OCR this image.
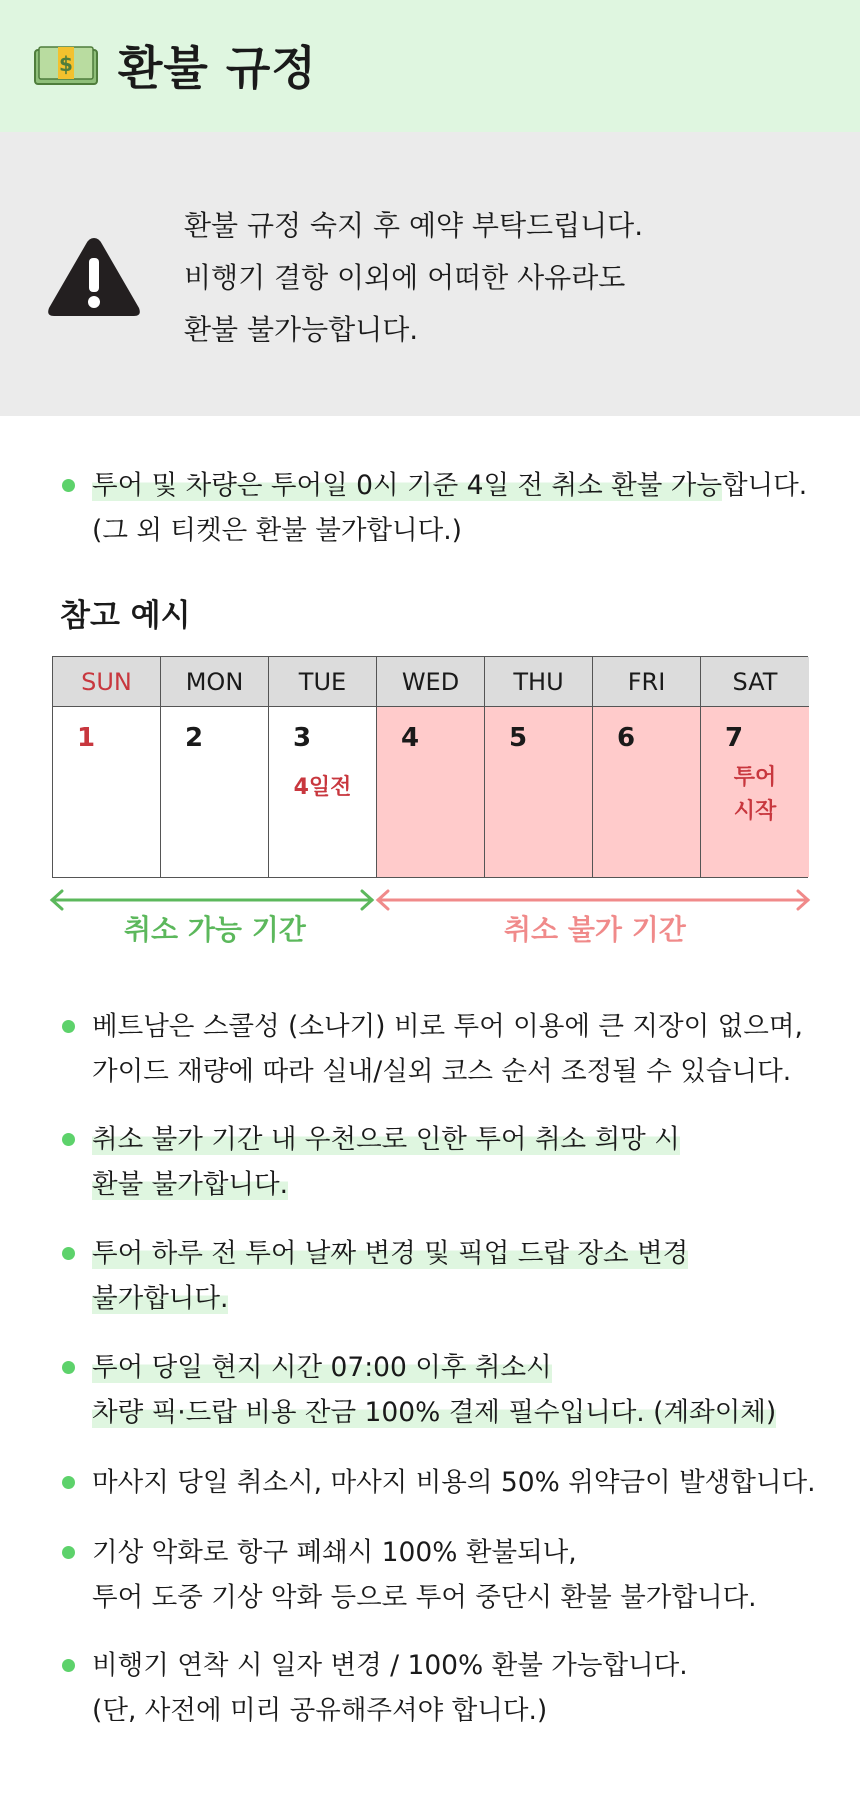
$ 환불 규정
환불 규정 숙지 후 예약 부탁드립니다.
비행기 결항 이외에 어떠한 사유라도
환불 불가능합니다.
투어 및 차량은 투어일 0시 기준 4일 전 취소 환불 가능합니다.
(그 외 티켓은 환불 불가합니다.)
참고 예시
SUN
1
MON
2
TUE
3
4일전
WED
4
THU
5
FRI
6
SAT
7
투어
시작
취소 가능 기간	취소 불가 기간
베트남은 스콜성 (소나기) 비로 투어 이용에 큰 지장이 없으며,
가이드 재량에 따라 실내/실외 코스 순서 조정될 수 있습니다.
취소 불가 기간 내 우천으로 인한 투어 취소 희망 시
환불 불가합니다.
투어 하루 전 투어 날짜 변경 및 픽업 드랍 장소 변경
불가합니다.
투어 당일 현지 시간 07:00 이후 취소시
차량 픽·드랍 비용 잔금 100% 결제 필수입니다. (계좌이체)
마사지 당일 취소시, 마사지 비용의 50% 위약금이 발생합니다.
기상 악화로 항구 폐쇄시 100% 환불되나,
투어 도중 기상 악화 등으로 투어 중단시 환불 불가합니다.
비행기 연착 시 일자 변경 / 100% 환불 가능합니다.
(단, 사전에 미리 공유해주셔야 합니다.)
